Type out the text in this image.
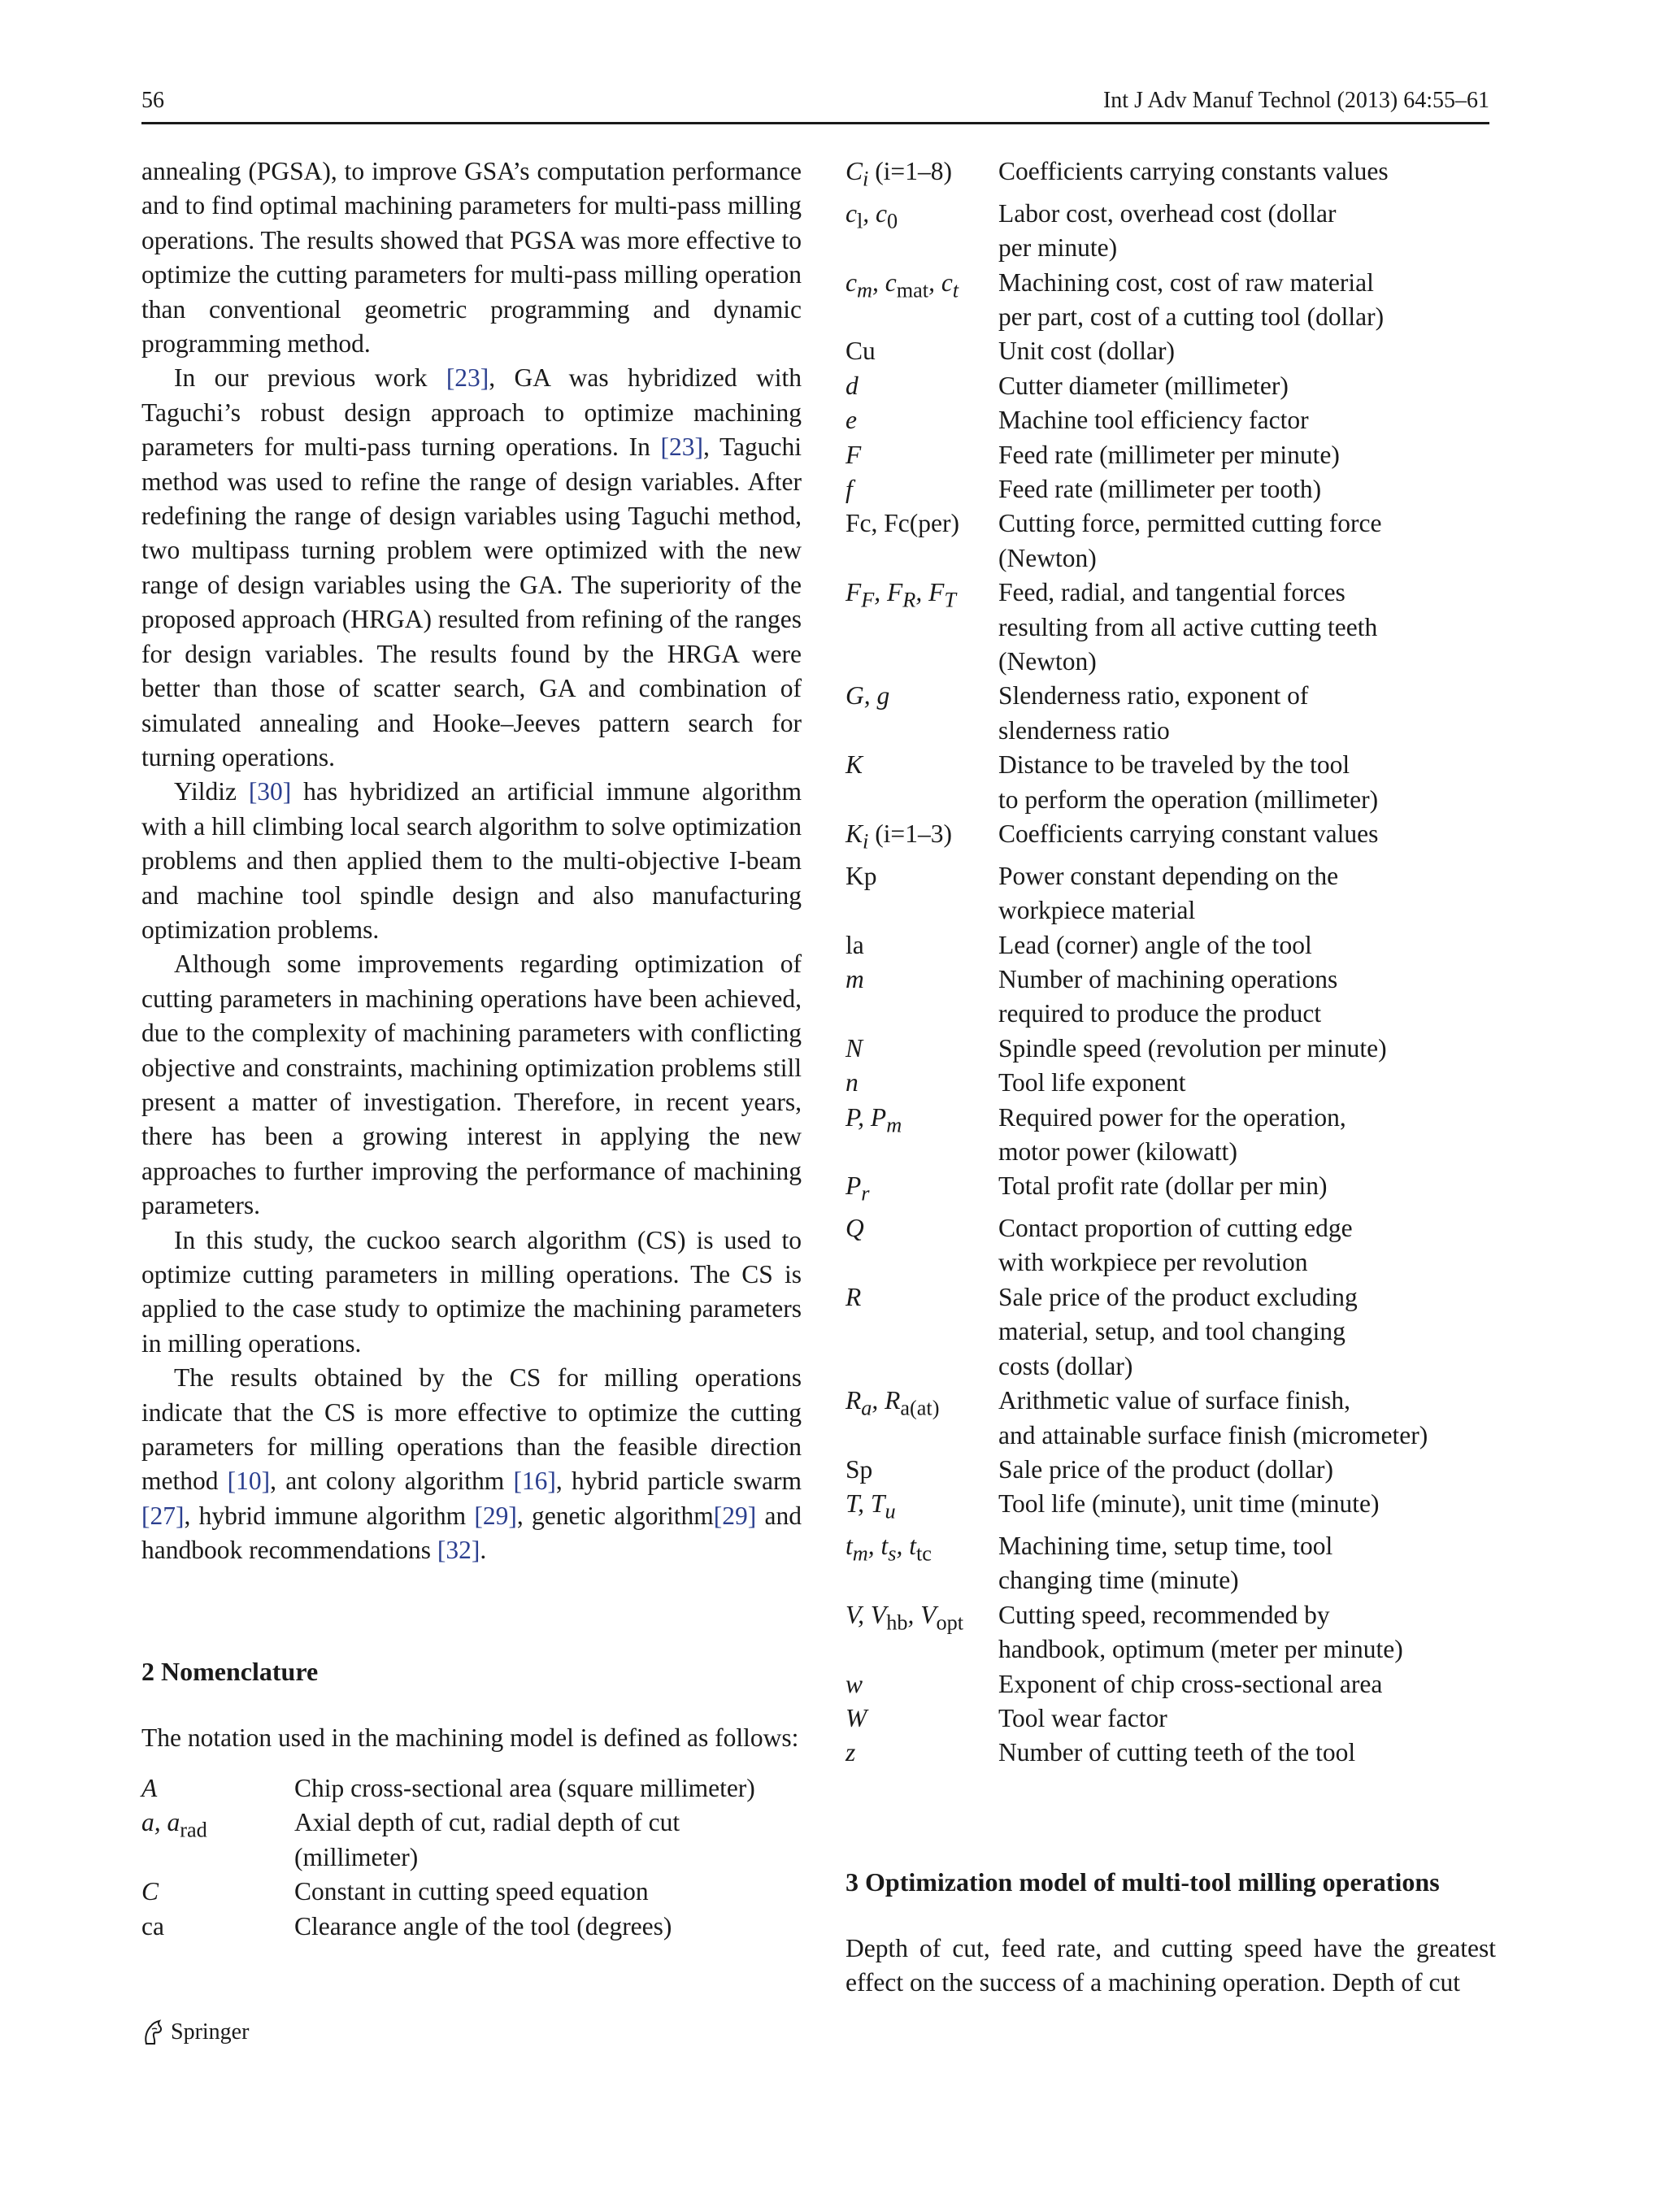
56	Int J Adv Manuf Technol (2013) 64:55–61

annealing (PGSA), to improve GSA’s computation performance and to find optimal machining parameters for multi-pass milling operations. The results showed that PGSA was more effective to optimize the cutting parameters for multi-pass milling operation than conventional geometric programming and dynamic programming method.

In our previous work [23], GA was hybridized with Taguchi’s robust design approach to optimize machining parameters for multi-pass turning operations. In [23], Taguchi method was used to refine the range of design variables. After redefining the range of design variables using Taguchi method, two multipass turning problem were optimized with the new range of design variables using the GA. The superiority of the proposed approach (HRGA) resulted from refining of the ranges for design variables. The results found by the HRGA were better than those of scatter search, GA and combination of simulated annealing and Hooke–Jeeves pattern search for turning operations.

Yildiz [30] has hybridized an artificial immune algorithm with a hill climbing local search algorithm to solve optimization problems and then applied them to the multi-objective I-beam and machine tool spindle design and also manufacturing optimization problems.

Although some improvements regarding optimization of cutting parameters in machining operations have been achieved, due to the complexity of machining parameters with conflicting objective and constraints, machining optimization problems still present a matter of investigation. Therefore, in recent years, there has been a growing interest in applying the new approaches to further improving the performance of machining parameters.

In this study, the cuckoo search algorithm (CS) is used to optimize cutting parameters in milling operations. The CS is applied to the case study to optimize the machining parameters in milling operations.

The results obtained by the CS for milling operations indicate that the CS is more effective to optimize the cutting parameters for milling operations than the feasible direction method [10], ant colony algorithm [16], hybrid particle swarm [27], hybrid immune algorithm [29], genetic algorithm[29] and handbook recommendations [32].

2 Nomenclature

The notation used in the machining model is defined as follows:

A	Chip cross-sectional area (square millimeter)
a, $a_{rad}$	Axial depth of cut, radial depth of cut
(millimeter)
C	Constant in cutting speed equation
ca	Clearance angle of the tool (degrees)
$C_i$ (i=1–8)	Coefficients carrying constants values
$c_l$, $c_0$	Labor cost, overhead cost (dollar
per minute)
$c_m$, $c_{mat}$, $c_t$	Machining cost, cost of raw material
per part, cost of a cutting tool (dollar)
Cu	Unit cost (dollar)
d	Cutter diameter (millimeter)
e	Machine tool efficiency factor
F	Feed rate (millimeter per minute)
f	Feed rate (millimeter per tooth)
Fc, Fc(per)	Cutting force, permitted cutting force
(Newton)
$F_F$, $F_R$, $F_T$	Feed, radial, and tangential forces
resulting from all active cutting teeth
(Newton)
G, g	Slenderness ratio, exponent of
slenderness ratio
K	Distance to be traveled by the tool
to perform the operation (millimeter)
$K_i$ (i=1–3)	Coefficients carrying constant values
Kp	Power constant depending on the
workpiece material
la	Lead (corner) angle of the tool
m	Number of machining operations
required to produce the product
N	Spindle speed (revolution per minute)
n	Tool life exponent
P, $P_m$	Required power for the operation,
motor power (kilowatt)
$P_r$	Total profit rate (dollar per min)
Q	Contact proportion of cutting edge
with workpiece per revolution
R	Sale price of the product excluding
material, setup, and tool changing
costs (dollar)
$R_a$, $R_{a(at)}$	Arithmetic value of surface finish,
and attainable surface finish (micrometer)
Sp	Sale price of the product (dollar)
T, $T_u$	Tool life (minute), unit time (minute)
$t_m$, $t_s$, $t_{tc}$	Machining time, setup time, tool
changing time (minute)
V, $V_{hb}$, $V_{opt}$	Cutting speed, recommended by
handbook, optimum (meter per minute)
w	Exponent of chip cross-sectional area
W	Tool wear factor
z	Number of cutting teeth of the tool
3 Optimization model of multi-tool milling operations

Depth of cut, feed rate, and cutting speed have the greatest effect on the success of a machining operation. Depth of cut

Springer
